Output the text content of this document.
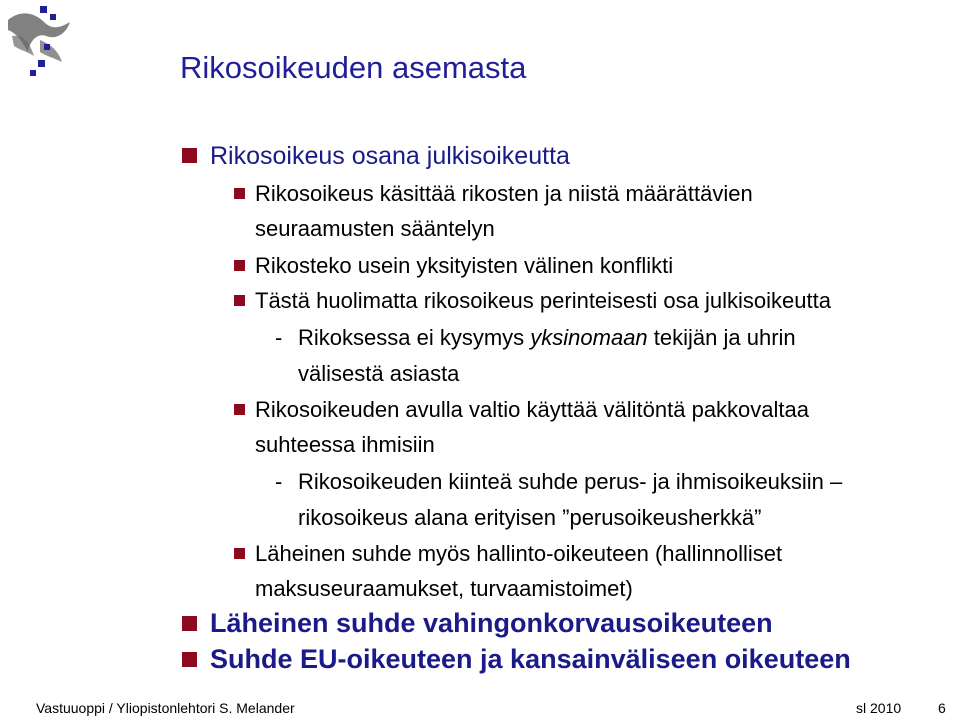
Rikosoikeuden asemasta
Rikosoikeus osana julkisoikeutta
Rikosoikeus käsittää rikosten ja niistä määrättävien
seuraamusten sääntelyn
Rikosteko usein yksityisten välinen konflikti
Tästä huolimatta rikosoikeus perinteisesti osa julkisoikeutta
- Rikoksessa ei kysymys yksinomaan tekijän ja uhrin
välisestä asiasta
Rikosoikeuden avulla valtio käyttää välitöntä pakkovaltaa
suhteessa ihmisiin
- Rikosoikeuden kiinteä suhde perus- ja ihmisoikeuksiin –
rikosoikeus alana erityisen ”perusoikeusherkkä”
Läheinen suhde myös hallinto-oikeuteen (hallinnolliset
maksuseuraamukset, turvaamistoimet)
Läheinen suhde vahingonkorvausoikeuteen
Suhde EU-oikeuteen ja kansainväliseen oikeuteen
Vastuuoppi / Yliopistonlehtori S. Melander	sl 2010	6
